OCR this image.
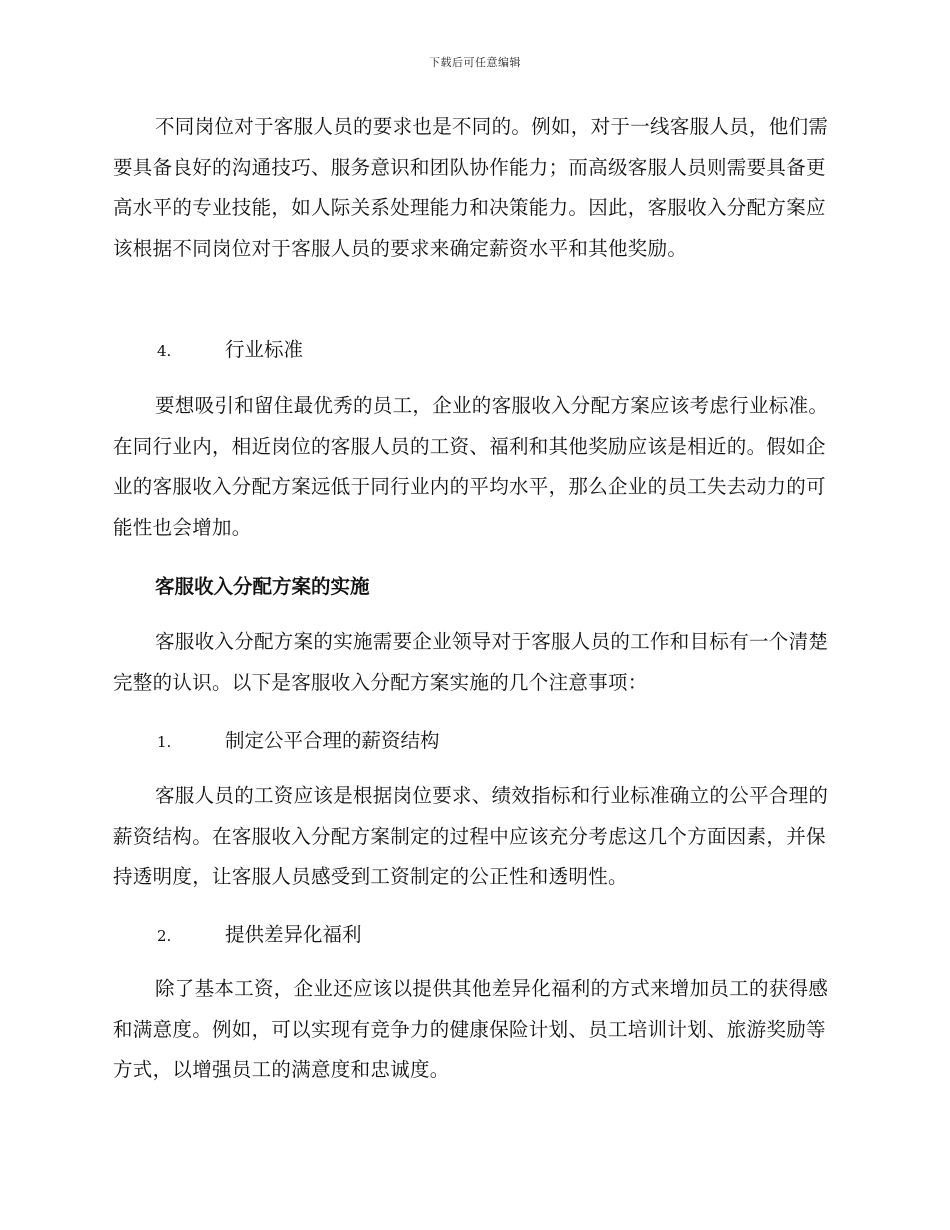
下载后可任意编辑

不同岗位对于客服人员的要求也是不同的。例如，对于一线客服人员，他们需要具备良好的沟通技巧、服务意识和团队协作能力；而高级客服人员则需要具备更高水平的专业技能，如人际关系处理能力和决策能力。因此，客服收入分配方案应该根据不同岗位对于客服人员的要求来确定薪资水平和其他奖励。

4.	行业标准

要想吸引和留住最优秀的员工，企业的客服收入分配方案应该考虑行业标准。在同行业内，相近岗位的客服人员的工资、福利和其他奖励应该是相近的。假如企业的客服收入分配方案远低于同行业内的平均水平，那么企业的员工失去动力的可能性也会增加。

客服收入分配方案的实施

客服收入分配方案的实施需要企业领导对于客服人员的工作和目标有一个清楚完整的认识。以下是客服收入分配方案实施的几个注意事项：

1.	制定公平合理的薪资结构

客服人员的工资应该是根据岗位要求、绩效指标和行业标准确立的公平合理的薪资结构。在客服收入分配方案制定的过程中应该充分考虑这几个方面因素，并保持透明度，让客服人员感受到工资制定的公正性和透明性。

2.	提供差异化福利

除了基本工资，企业还应该以提供其他差异化福利的方式来增加员工的获得感和满意度。例如，可以实现有竞争力的健康保险计划、员工培训计划、旅游奖励等方式，以增强员工的满意度和忠诚度。
